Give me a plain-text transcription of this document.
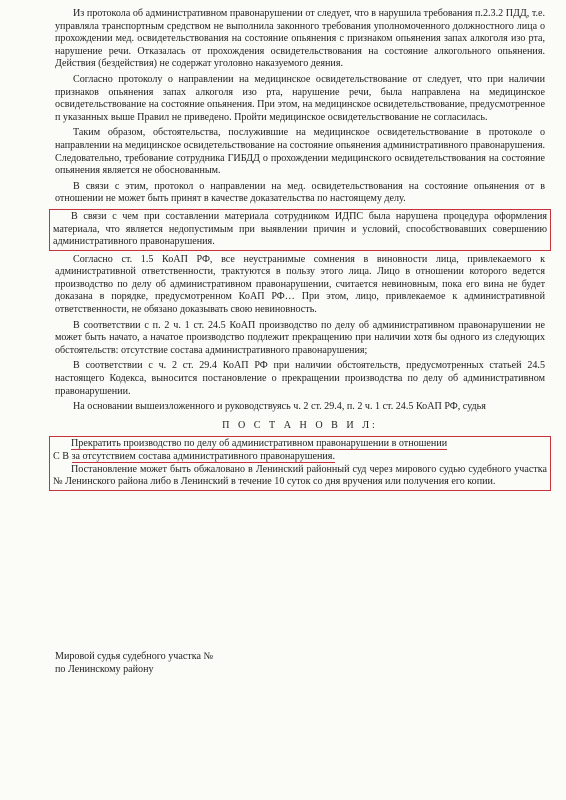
Из протокола об административном правонарушении от следует, что в нарушила требования п.2.3.2 ПДД, т.е. управляла транспортным средством не выполнила законного требования уполномоченного должностного лица о прохождении мед. освидетельствования на состояние опьянения с признаком опьянения запах алкоголя изо рта, нарушение речи. Отказалась от прохождения освидетельствования на состояние алкогольного опьянения. Действия (бездействия) не содержат уголовно наказуемого деяния.

Согласно протоколу о направлении на медицинское освидетельствование от следует, что при наличии признаков опьянения запах алкоголя изо рта, нарушение речи, была направлена на медицинское освидетельствование на состояние опьянения. При этом, на медицинское освидетельствование, предусмотренное п указанных выше Правил не приведено. Пройти медицинское освидетельствование не согласилась.

Таким образом, обстоятельства, послужившие на медицинское освидетельствование в протоколе о направлении на медицинское освидетельствование на состояние опьянения административного правонарушения. Следовательно, требование сотрудника ГИБДД о прохождении медицинского освидетельствования на состояние опьянения является не обоснованным.

В связи с этим, протокол о направлении на мед. освидетельствования на состояние опьянения от в отношении не может быть принят в качестве доказательства по настоящему делу.

В связи с чем при составлении материала сотрудником ИДПС была нарушена процедура оформления материала, что является недопустимым при выявлении причин и условий, способствовавших совершению административного правонарушения.

Согласно ст. 1.5 КоАП РФ, все неустранимые сомнения в виновности лица, привлекаемого к административной ответственности, трактуются в пользу этого лица. Лицо в отношении которого ведется производство по делу об административном правонарушении, считается невиновным, пока его вина не будет доказана в порядке, предусмотренном КоАП РФ… При этом, лицо, привлекаемое к административной ответственности, не обязано доказывать свою невиновность.

В соответствии с п. 2 ч. 1 ст. 24.5 КоАП производство по делу об административном правонарушении не может быть начато, а начатое производство подлежит прекращению при наличии хотя бы одного из следующих обстоятельств: отсутствие состава административного правонарушения;

В соответствии с ч. 2 ст. 29.4 КоАП РФ при наличии обстоятельств, предусмотренных статьей 24.5 настоящего Кодекса, выносится постановление о прекращении производства по делу об административном правонарушении.

На основании вышеизложенного и руководствуясь ч. 2 ст. 29.4, п. 2 ч. 1 ст. 24.5 КоАП РФ, судья

П О С Т А Н О В И Л:

Прекратить производство по делу об административном правонарушении в отношении

С В за отсутствием состава административного правонарушения.

Постановление может быть обжаловано в Ленинский районный суд через мирового судью судебного участка № Ленинского района либо в Ленинский в течение 10 суток со дня вручения или получения его копии.

Мировой судья судебного участка №
по Ленинскому району
